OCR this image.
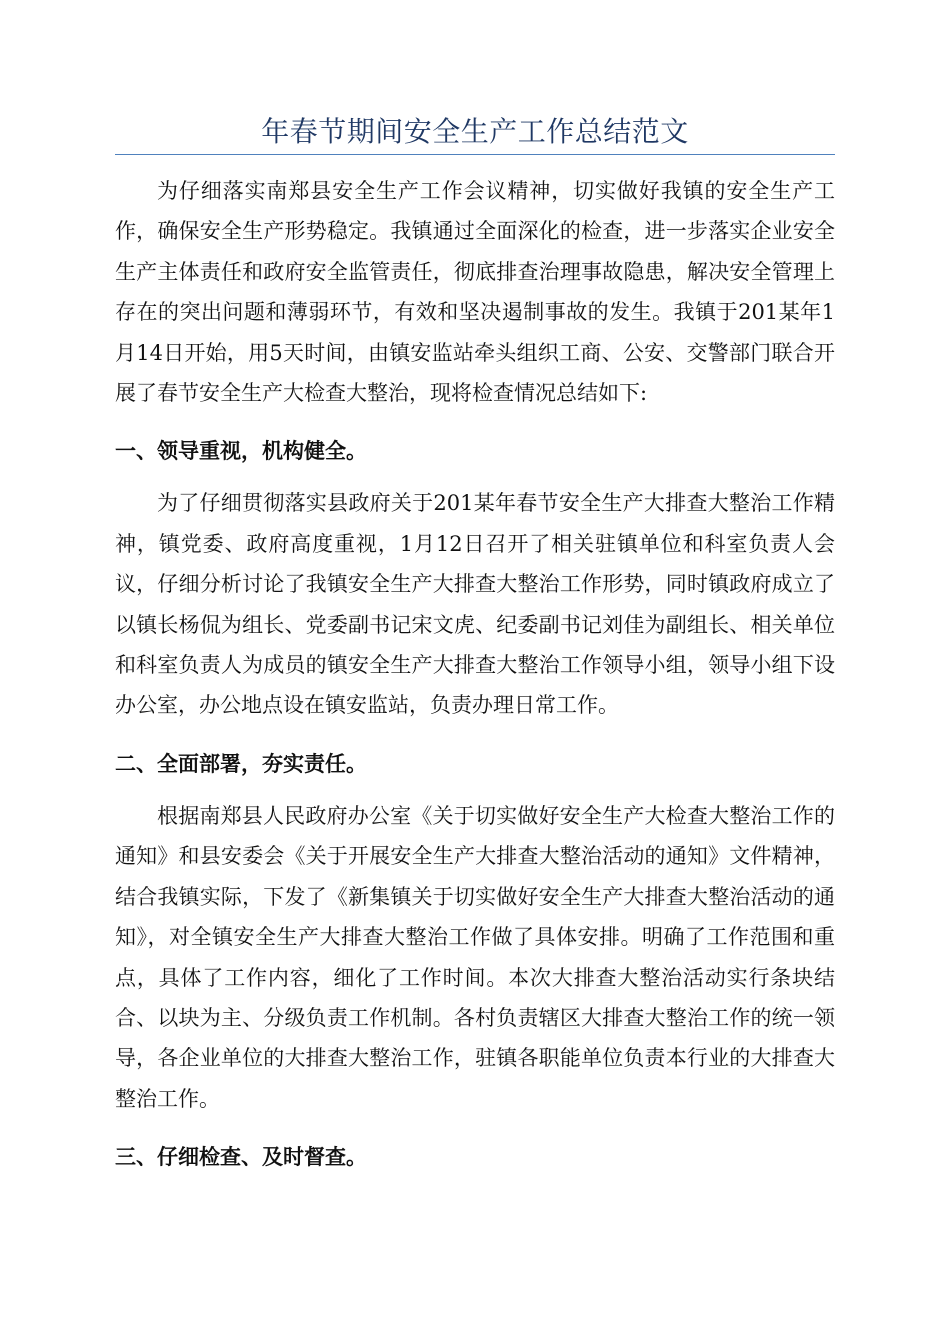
年春节期间安全生产工作总结范文

为仔细落实南郑县安全生产工作会议精神，切实做好我镇的安全生产工作，确保安全生产形势稳定。我镇通过全面深化的检查，进一步落实企业安全生产主体责任和政府安全监管责任，彻底排查治理事故隐患，解决安全管理上存在的突出问题和薄弱环节，有效和坚决遏制事故的发生。我镇于201某年1月14日开始，用5天时间，由镇安监站牵头组织工商、公安、交警部门联合开展了春节安全生产大检查大整治，现将检查情况总结如下:

一、领导重视，机构健全。

为了仔细贯彻落实县政府关于201某年春节安全生产大排查大整治工作精神，镇党委、政府高度重视，1月12日召开了相关驻镇单位和科室负责人会议，仔细分析讨论了我镇安全生产大排查大整治工作形势，同时镇政府成立了以镇长杨侃为组长、党委副书记宋文虎、纪委副书记刘佳为副组长、相关单位和科室负责人为成员的镇安全生产大排查大整治工作领导小组，领导小组下设办公室，办公地点设在镇安监站，负责办理日常工作。

二、全面部署，夯实责任。

根据南郑县人民政府办公室《关于切实做好安全生产大检查大整治工作的通知》和县安委会《关于开展安全生产大排查大整治活动的通知》文件精神，结合我镇实际，下发了《新集镇关于切实做好安全生产大排查大整治活动的通知》，对全镇安全生产大排查大整治工作做了具体安排。明确了工作范围和重点，具体了工作内容，细化了工作时间。本次大排查大整治活动实行条块结合、以块为主、分级负责工作机制。各村负责辖区大排查大整治工作的统一领导，各企业单位的大排查大整治工作，驻镇各职能单位负责本行业的大排查大整治工作。

三、仔细检查、及时督查。
